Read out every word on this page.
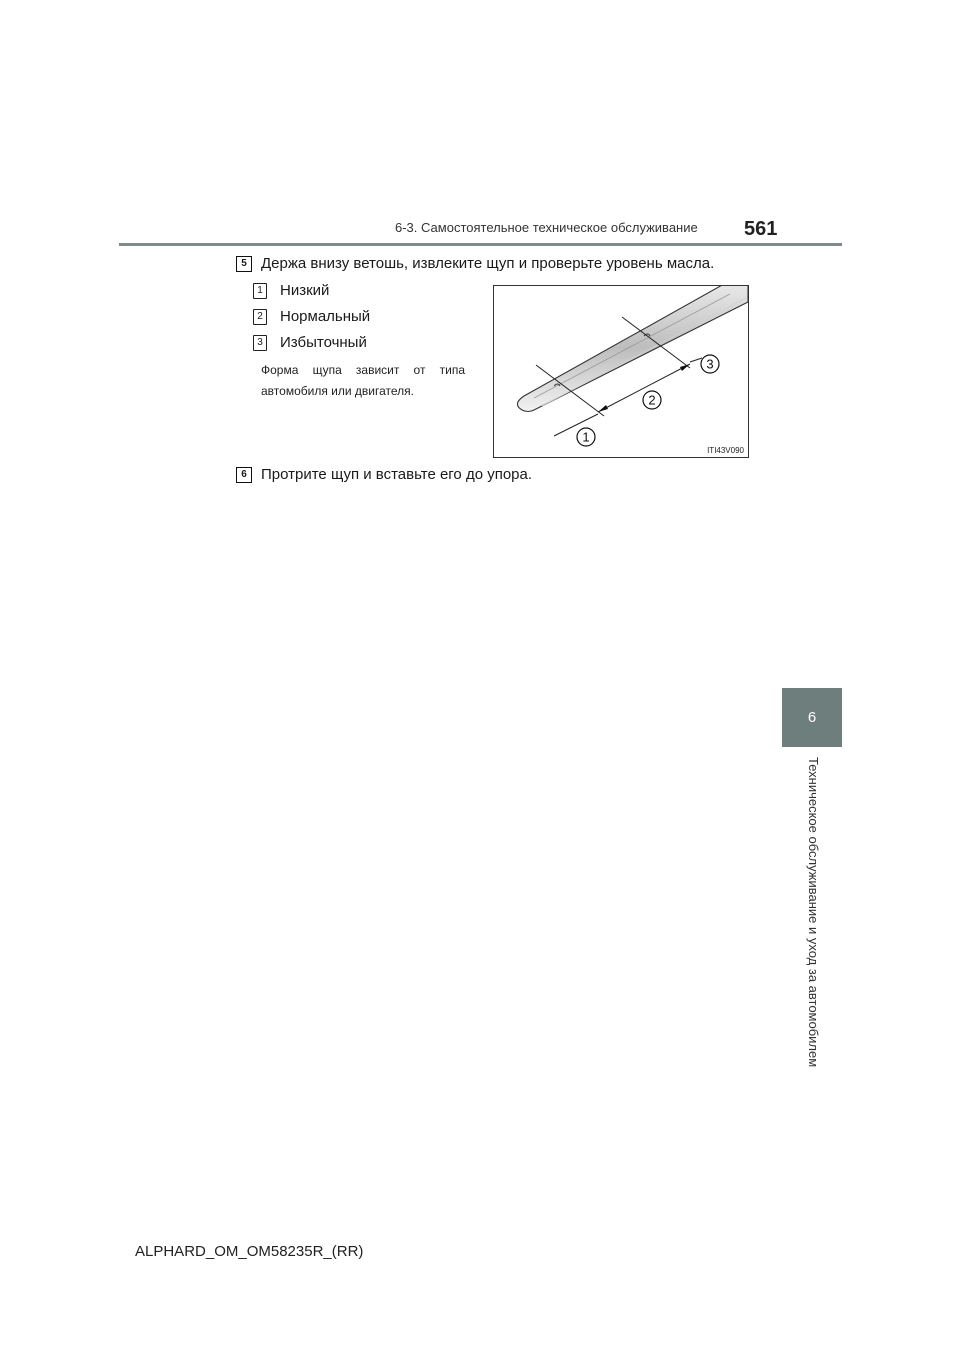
6-3. Самостоятельное техническое обслуживание 561
6
Техническое обслуживание и уход за автомобилем
5 Держа внизу ветошь, извлеките щуп и проверьте уровень масла.
1 Низкий
2 Нормальный
3 Избыточный
Форма щупа зависит от типа автомобиля или двигателя.
1
2
3
ITI43V090
6 Протрите щуп и вставьте его до упора.
ALPHARD_OM_OM58235R_(RR)
